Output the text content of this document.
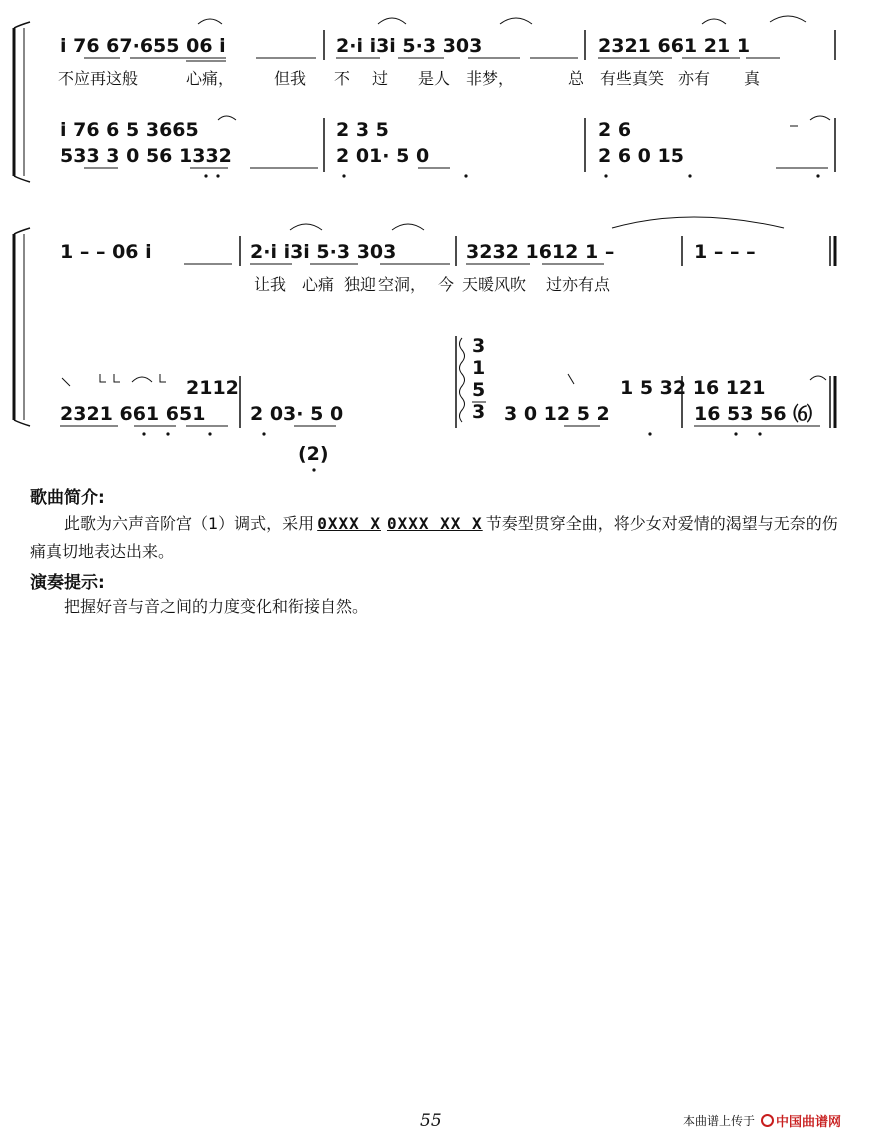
i 76 67·655 06 i	2·i i3i 5·3 303	2321 661 21 1
不应再这般	心痛， 但我 不 过 是人 非梦，	总 有些真笑 亦有 真
i 76 6 5 3665	2 3 5	2 6
533 3 0 56 1332	2 01· 5 0	2 6 0 15
1 – – 06 i	2·i i3i 5·3 303	3232 1612 1 –	1 – – –
让我 心痛 独迎 空洞， 今 天暖风吹 过亦有点
3
1
5
3
2112	1 5 32 16 121
2321 661 651 2 03· 5 0	3 0 12 5 2	16 53 56 ⑹
(2)
歌曲简介:

此歌为六声音阶宫（1）调式，采用 0XXX X 0XXX XX X 节奏型贯穿全曲，将少女对爱情的渴望与无奈的伤痛真切地表达出来。

演奏提示:

把握好音与音之间的力度变化和衔接自然。

55	本曲谱上传于 中国曲谱网
